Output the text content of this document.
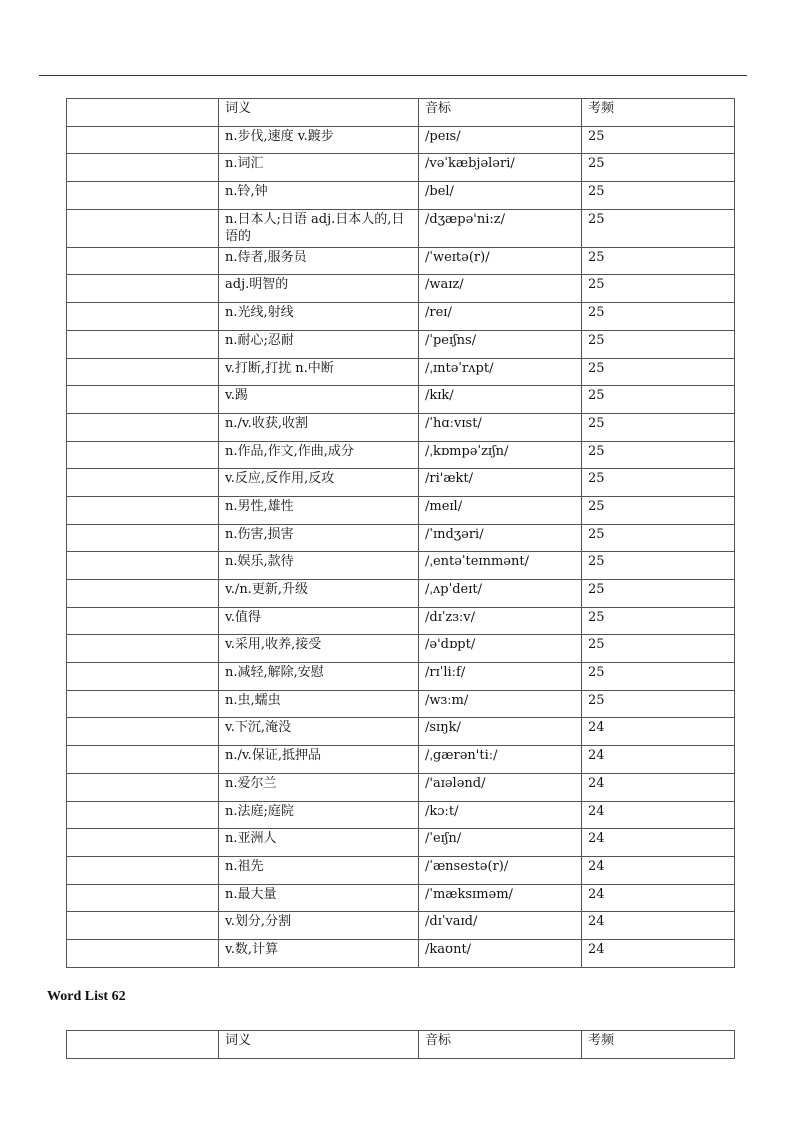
	词义	音标	考频
	n.步伐,速度 v.踱步	/peɪs/	25
	n.词汇	/vəˈkæbjələri/	25
	n.铃,钟	/bel/	25
	n.日本人;日语 adj.日本人的,日语的	/dʒæpə'ni:z/	25
	n.侍者,服务员	/ˈweɪtə(r)/	25
	adj.明智的	/waɪz/	25
	n.光线,射线	/reɪ/	25
	n.耐心;忍耐	/ˈpeɪʃns/	25
	v.打断,打扰 n.中断	/ˌɪntəˈrʌpt/	25
	v.踢	/kɪk/	25
	n./v.收获,收割	/ˈhɑːvɪst/	25
	n.作品,作文,作曲,成分	/ˌkɒmpəˈzɪʃn/	25
	v.反应,反作用,反攻	/ri'ækt/	25
	n.男性,雄性	/meɪl/	25
	n.伤害,损害	/ˈɪndʒəri/	25
	n.娱乐,款待	/ˌentəˈteɪnmənt/	25
	v./n.更新,升级	/ˌʌpˈdeɪt/	25
	v.值得	/dɪˈzɜːv/	25
	v.采用,收养,接受	/ə'dɒpt/	25
	n.减轻,解除,安慰	/rɪˈliːf/	25
	n.虫,蠕虫	/wɜːm/	25
	v.下沉,淹没	/sɪŋk/	24
	n./v.保证,抵押品	/ˌgærən'tiː/	24
	n.爱尔兰	/'aɪələnd/	24
	n.法庭;庭院	/kɔːt/	24
	n.亚洲人	/ˈeɪʃn/	24
	n.祖先	/ˈænsestə(r)/	24
	n.最大量	/ˈmæksɪməm/	24
	v.划分,分割	/dɪˈvaɪd/	24
	v.数,计算	/kaʊnt/	24
Word List 62
	词义	音标	考频
